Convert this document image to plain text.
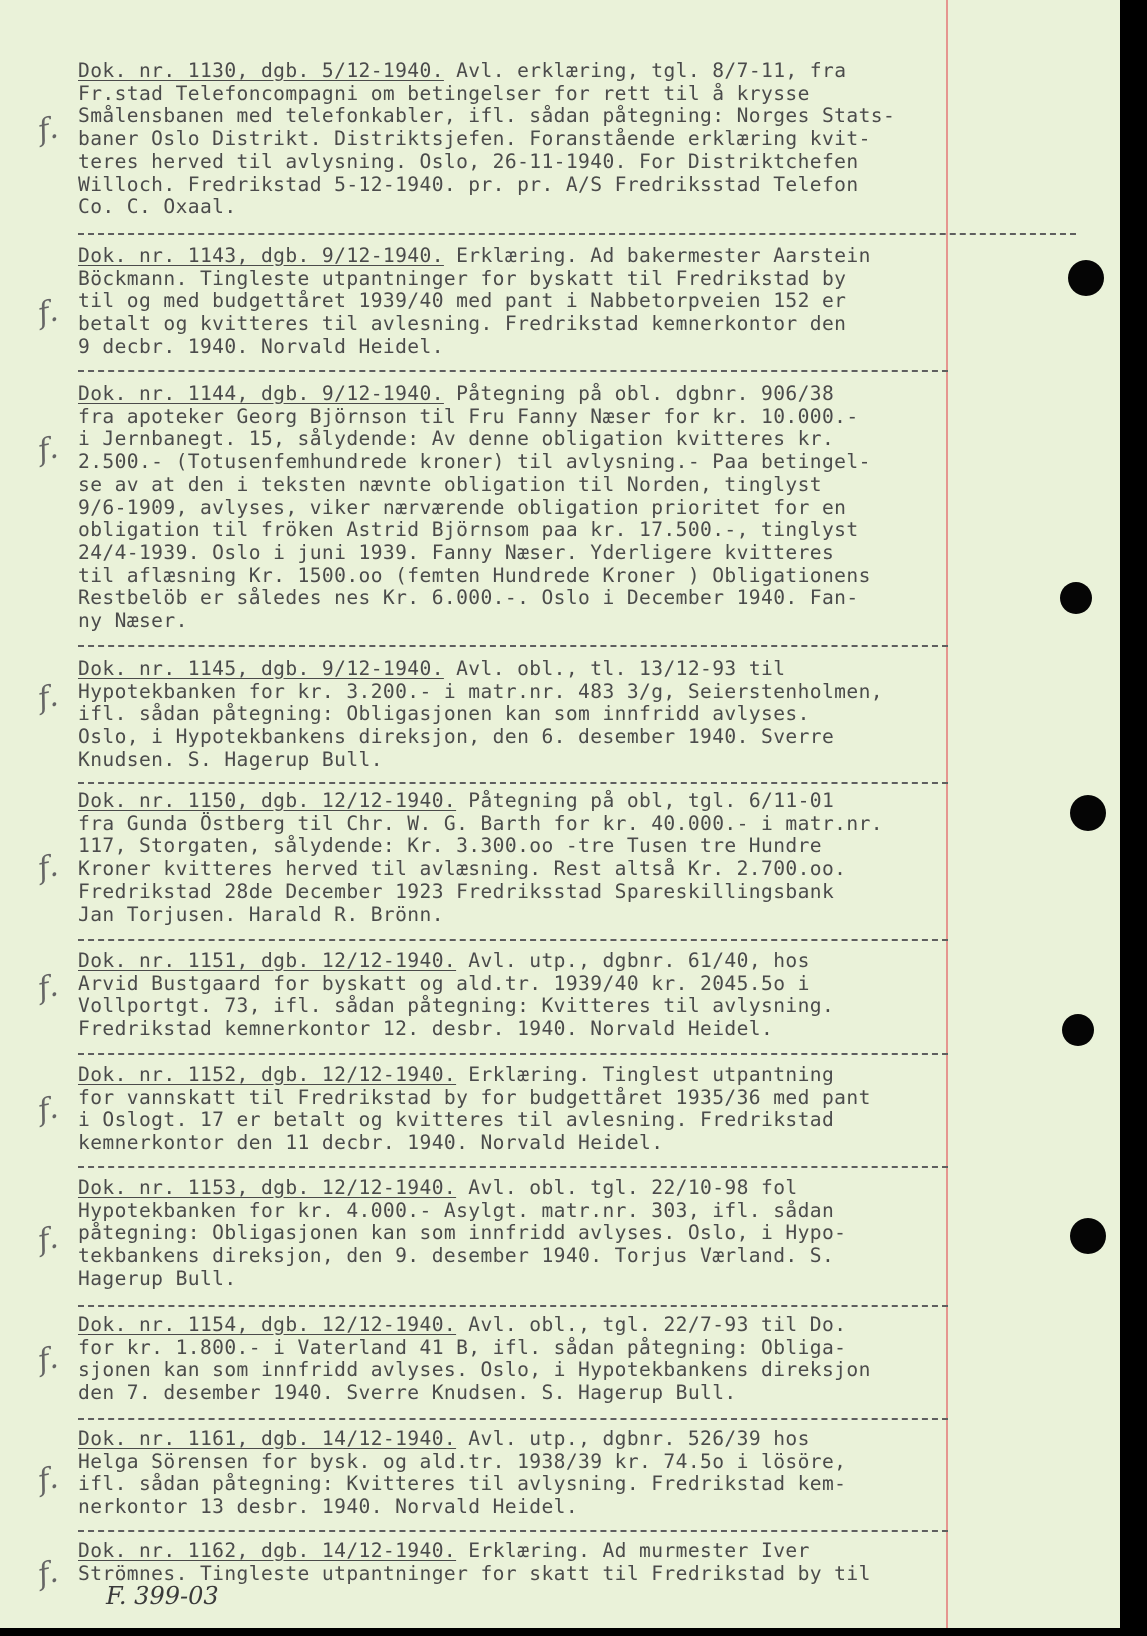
Dok. nr. 1130, dgb. 5/12-1940. Avl. erklæring, tgl. 8/7-11, fra
Fr.stad Telefoncompagni om betingelser for rett til å krysse
Smålensbanen med telefonkabler, ifl. sådan påtegning: Norges Stats-
baner Oslo Distrikt. Distriktsjefen. Foranstående erklæring kvit-
teres herved til avlysning. Oslo, 26-11-1940. For Distriktchefen
Willoch. Fredrikstad 5-12-1940. pr. pr. A/S Fredriksstad Telefon
Co. C. Oxaal.
Dok. nr. 1143, dgb. 9/12-1940. Erklæring. Ad bakermester Aarstein
Böckmann. Tingleste utpantninger for byskatt til Fredrikstad by
til og med budgettåret 1939/40 med pant i Nabbetorpveien 152 er
betalt og kvitteres til avlesning. Fredrikstad kemnerkontor den
9 decbr. 1940. Norvald Heidel.
Dok. nr. 1144, dgb. 9/12-1940. Påtegning på obl. dgbnr. 906/38
fra apoteker Georg Björnson til Fru Fanny Næser for kr. 10.000.-
i Jernbanegt. 15, sålydende: Av denne obligation kvitteres kr.
2.500.- (Totusenfemhundrede kroner) til avlysning.- Paa betingel-
se av at den i teksten nævnte obligation til Norden, tinglyst
9/6-1909, avlyses, viker nærværende obligation prioritet for en
obligation til fröken Astrid Björnsom paa kr. 17.500.-, tinglyst
24/4-1939. Oslo i juni 1939. Fanny Næser. Yderligere kvitteres
til aflæsning Kr. 1500.oo (femten Hundrede Kroner ) Obligationens
Restbelöb er således nes Kr. 6.000.-. Oslo i December 1940. Fan-
ny Næser.
Dok. nr. 1145, dgb. 9/12-1940. Avl. obl., tl. 13/12-93 til
Hypotekbanken for kr. 3.200.- i matr.nr. 483 3/g, Seierstenholmen,
ifl. sådan påtegning: Obligasjonen kan som innfridd avlyses.
Oslo, i Hypotekbankens direksjon, den 6. desember 1940. Sverre
Knudsen. S. Hagerup Bull.
Dok. nr. 1150, dgb. 12/12-1940. Påtegning på obl, tgl. 6/11-01
fra Gunda Östberg til Chr. W. G. Barth for kr. 40.000.- i matr.nr.
117, Storgaten, sålydende: Kr. 3.300.oo -tre Tusen tre Hundre
Kroner kvitteres herved til avlæsning. Rest altså Kr. 2.700.oo.
Fredrikstad 28de December 1923 Fredriksstad Spareskillingsbank
Jan Torjusen. Harald R. Brönn.
Dok. nr. 1151, dgb. 12/12-1940. Avl. utp., dgbnr. 61/40, hos
Arvid Bustgaard for byskatt og ald.tr. 1939/40 kr. 2045.5o i
Vollportgt. 73, ifl. sådan påtegning: Kvitteres til avlysning.
Fredrikstad kemnerkontor 12. desbr. 1940. Norvald Heidel.
Dok. nr. 1152, dgb. 12/12-1940. Erklæring. Tinglest utpantning
for vannskatt til Fredrikstad by for budgettåret 1935/36 med pant
i Oslogt. 17 er betalt og kvitteres til avlesning. Fredrikstad
kemnerkontor den 11 decbr. 1940. Norvald Heidel.
Dok. nr. 1153, dgb. 12/12-1940. Avl. obl. tgl. 22/10-98 fol
Hypotekbanken for kr. 4.000.- Asylgt. matr.nr. 303, ifl. sådan
påtegning: Obligasjonen kan som innfridd avlyses. Oslo, i Hypo-
tekbankens direksjon, den 9. desember 1940. Torjus Værland. S.
Hagerup Bull.
Dok. nr. 1154, dgb. 12/12-1940. Avl. obl., tgl. 22/7-93 til Do.
for kr. 1.800.- i Vaterland 41 B, ifl. sådan påtegning: Obliga-
sjonen kan som innfridd avlyses. Oslo, i Hypotekbankens direksjon
den 7. desember 1940. Sverre Knudsen. S. Hagerup Bull.
Dok. nr. 1161, dgb. 14/12-1940. Avl. utp., dgbnr. 526/39 hos
Helga Sörensen for bysk. og ald.tr. 1938/39 kr. 74.5o i lösöre,
ifl. sådan påtegning: Kvitteres til avlysning. Fredrikstad kem-
nerkontor 13 desbr. 1940. Norvald Heidel.
Dok. nr. 1162, dgb. 14/12-1940. Erklæring. Ad murmester Iver
Strömnes. Tingleste utpantninger for skatt til Fredrikstad by til
f.
f.
f.
f.
f.
f.
f.
f.
f.
f.
f.
F. 399-03
